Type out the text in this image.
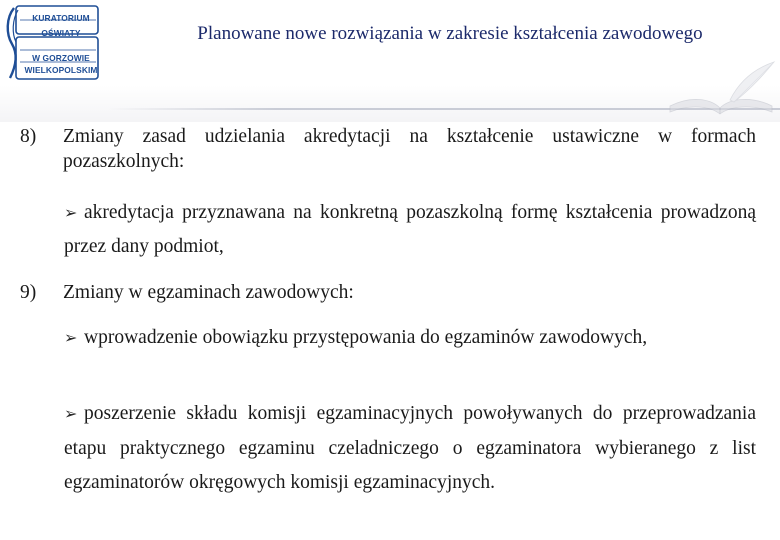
KURATORIUM
OŚWIATY
W GORZOWIE
WIELKOPOLSKIM
Planowane nowe rozwiązania w zakresie kształcenia zawodowego
8) Zmiany zasad udzielania akredytacji na kształcenie ustawiczne w formach pozaszkolnych:
➢ akredytacja przyznawana na konkretną pozaszkolną formę kształcenia prowadzoną przez dany podmiot,
9) Zmiany w egzaminach zawodowych:
➢ wprowadzenie obowiązku przystępowania do egzaminów zawodowych,
➢ poszerzenie składu komisji egzaminacyjnych powoływanych do przeprowadzania etapu praktycznego egzaminu czeladniczego o egzaminatora wybieranego z list egzaminatorów okręgowych komisji egzaminacyjnych.
